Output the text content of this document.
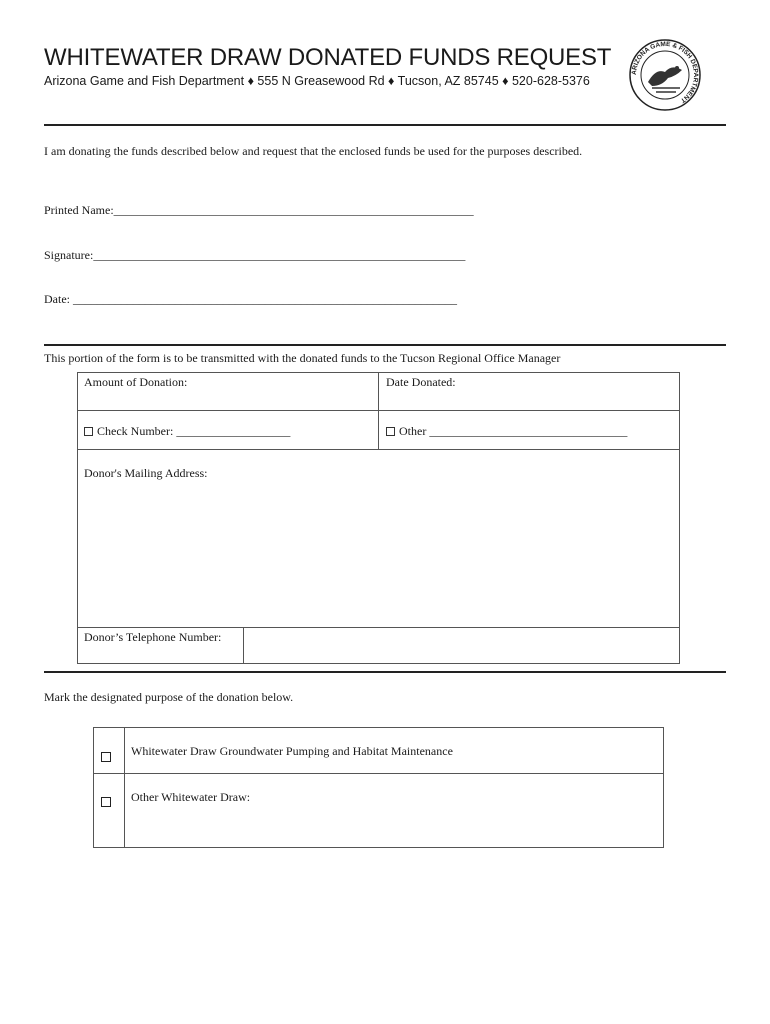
WHITEWATER DRAW DONATED FUNDS REQUEST
Arizona Game and Fish Department ♦ 555 N Greasewood Rd ♦ Tucson, AZ 85745 ♦ 520-628-5376
ARIZONA GAME & FISH DEPARTMENT
I am donating the funds described below and request that the enclosed funds be used for the purposes described.
Printed Name:____________________________________________________________
Signature:______________________________________________________________
Date: ________________________________________________________________
This portion of the form is to be transmitted with the donated funds to the Tucson Regional Office Manager
Amount of Donation:	Date Donated:
Check Number: ___________________	Other _________________________________
Donor's Mailing Address:
Donor’s Telephone Number:
Mark the designated purpose of the donation below.
Whitewater Draw Groundwater Pumping and Habitat Maintenance
Other Whitewater Draw:
